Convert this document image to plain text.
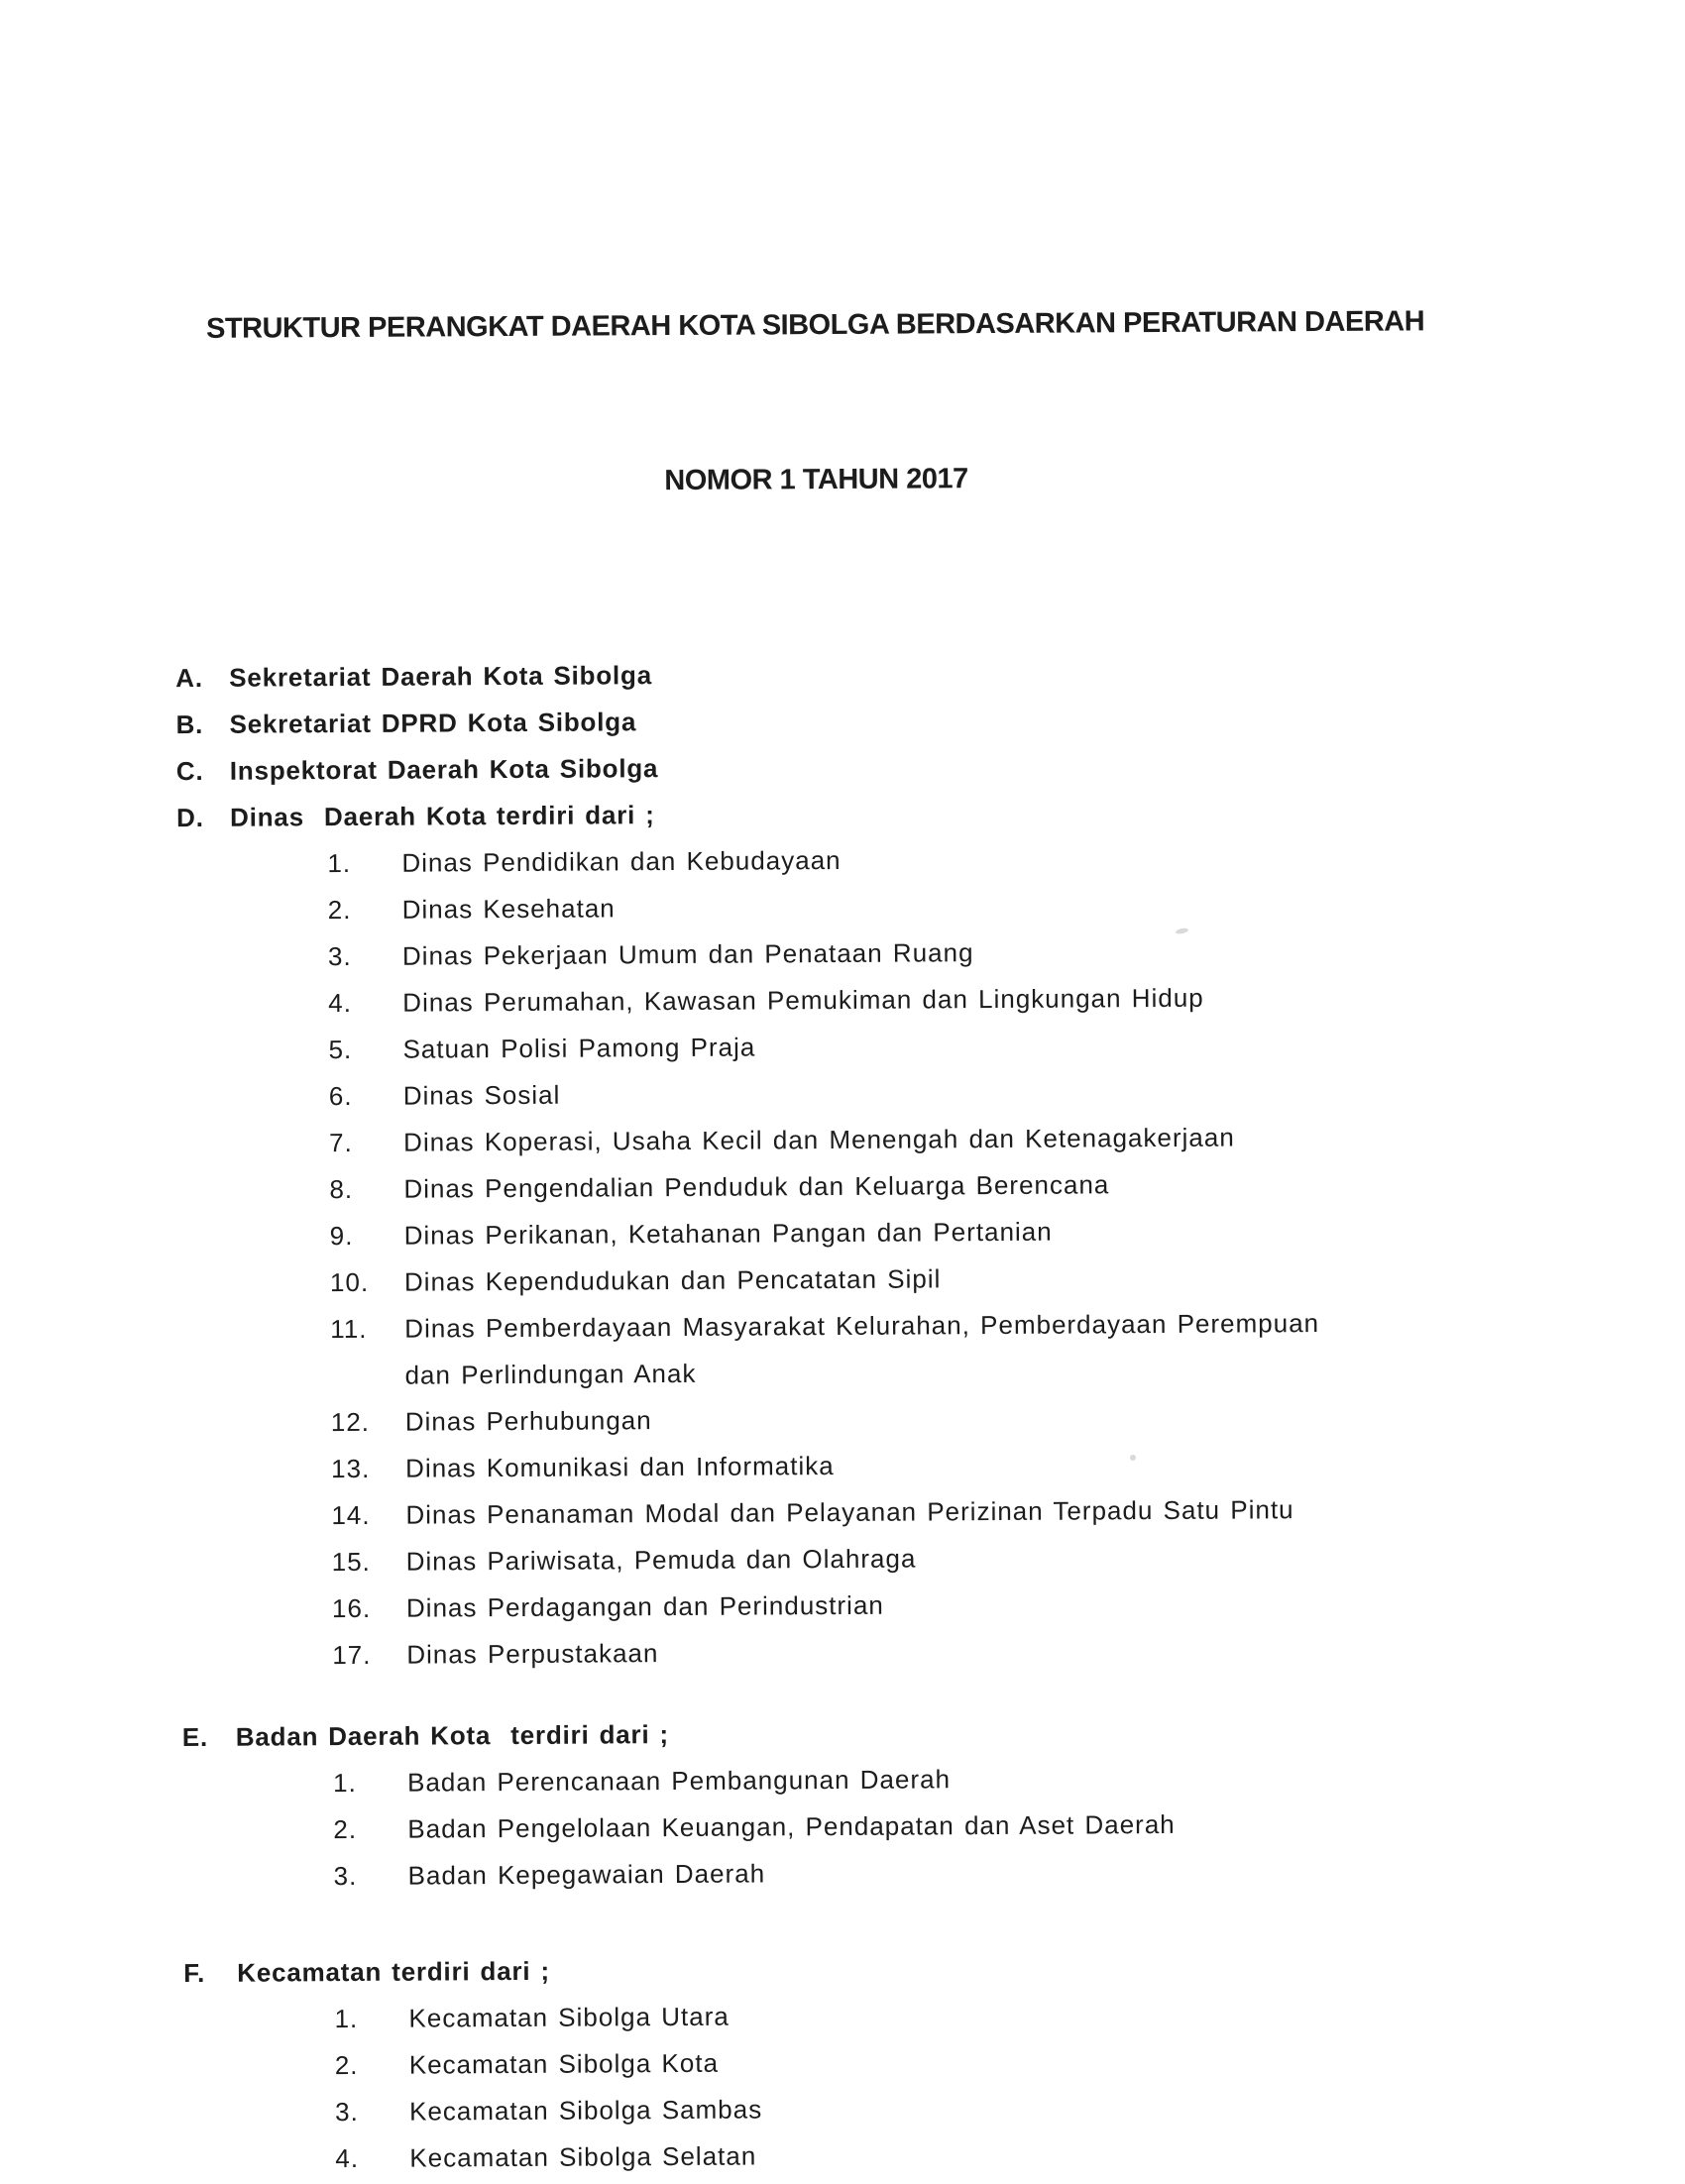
STRUKTUR PERANGKAT DAERAH KOTA SIBOLGA BERDASARKAN PERATURAN DAERAH

NOMOR 1 TAHUN 2017

A.	Sekretariat Daerah Kota Sibolga
B.	Sekretariat DPRD Kota Sibolga
C.	Inspektorat Daerah Kota Sibolga
D.	Dinas  Daerah Kota terdiri dari ;
1.	Dinas Pendidikan dan Kebudayaan
2.	Dinas Kesehatan
3.	Dinas Pekerjaan Umum dan Penataan Ruang
4.	Dinas Perumahan, Kawasan Pemukiman dan Lingkungan Hidup
5.	Satuan Polisi Pamong Praja
6.	Dinas Sosial
7.	Dinas Koperasi, Usaha Kecil dan Menengah dan Ketenagakerjaan
8.	Dinas Pengendalian Penduduk dan Keluarga Berencana
9.	Dinas Perikanan, Ketahanan Pangan dan Pertanian
10.	Dinas Kependudukan dan Pencatatan Sipil
11.	Dinas Pemberdayaan Masyarakat Kelurahan, Pemberdayaan Perempuan dan Perlindungan Anak
12.	Dinas Perhubungan
13.	Dinas Komunikasi dan Informatika
14.	Dinas Penanaman Modal dan Pelayanan Perizinan Terpadu Satu Pintu
15.	Dinas Pariwisata, Pemuda dan Olahraga
16.	Dinas Perdagangan dan Perindustrian
17.	Dinas Perpustakaan
E.	Badan Daerah Kota  terdiri dari ;
1.	Badan Perencanaan Pembangunan Daerah
2.	Badan Pengelolaan Keuangan, Pendapatan dan Aset Daerah
3.	Badan Kepegawaian Daerah
F.	Kecamatan terdiri dari ;
1.	Kecamatan Sibolga Utara
2.	Kecamatan Sibolga Kota
3.	Kecamatan Sibolga Sambas
4.	Kecamatan Sibolga Selatan
